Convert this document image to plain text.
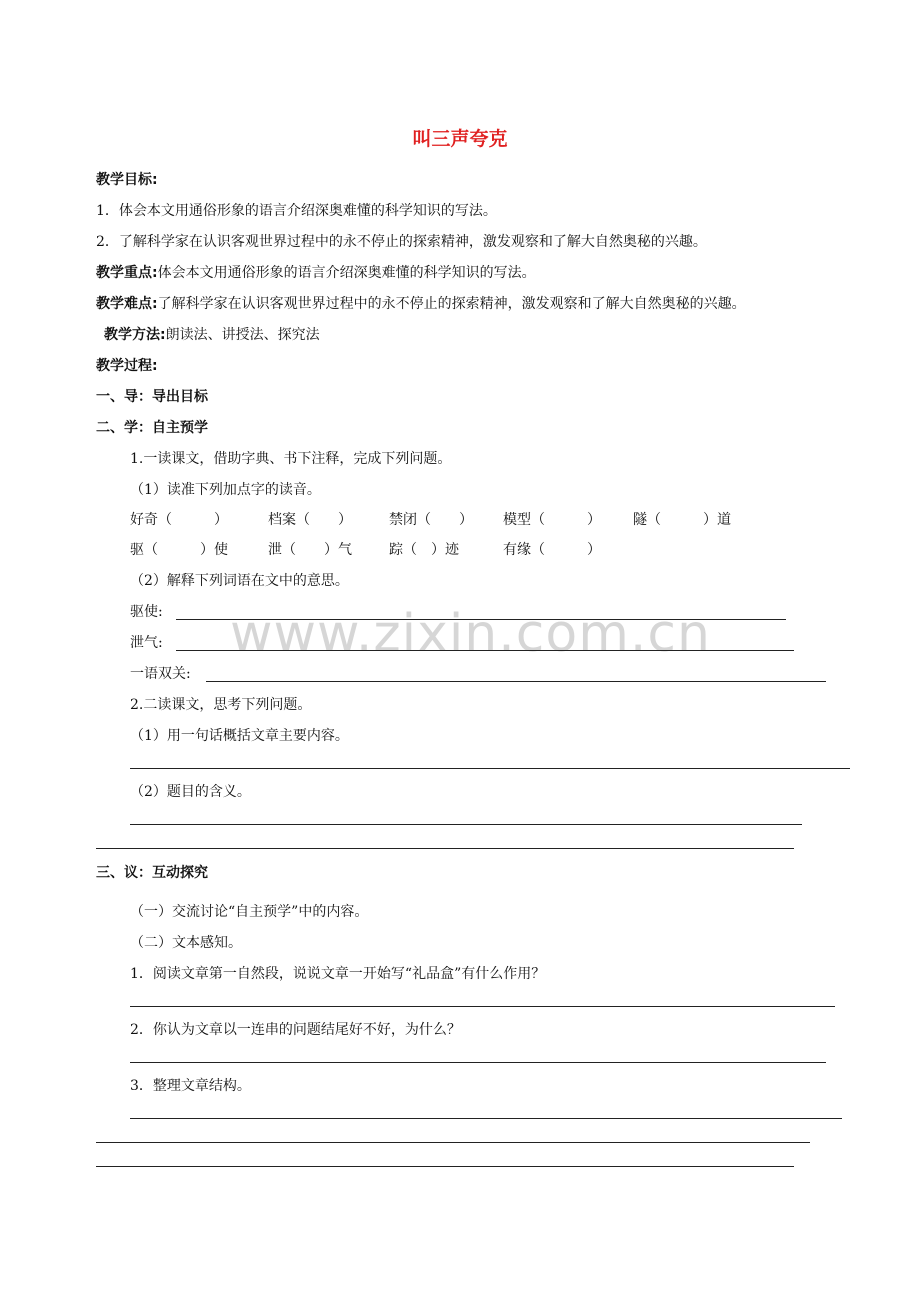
www.zixin.com.cn
叫三声夸克
教学目标:
1．体会本文用通俗形象的语言介绍深奥难懂的科学知识的写法。
2．了解科学家在认识客观世界过程中的永不停止的探索精神，激发观察和了解大自然奥秘的兴趣。
教学重点:体会本文用通俗形象的语言介绍深奥难懂的科学知识的写法。
教学难点:了解科学家在认识客观世界过程中的永不停止的探索精神，激发观察和了解大自然奥秘的兴趣。
教学方法:朗读法、讲授法、探究法
教学过程:
一、导：导出目标
二、学：自主预学
1.一读课文，借助字典、书下注释，完成下列问题。
（1）读准下列加点字的读音。
好奇（　　　）	档案（　　）	禁闭（　　） 模型（　　　） 隧（　　　）道
驱（　　　）使	泄（　　）气	踪（　）迹	有缘（　　　）
（2）解释下列词语在文中的意思。
驱使:
泄气:
一语双关:
2.二读课文，思考下列问题。
（1）用一句话概括文章主要内容。
（2）题目的含义。
三、议：互动探究
（一）交流讨论“自主预学”中的内容。
（二）文本感知。
1．阅读文章第一自然段，说说文章一开始写“礼品盒”有什么作用？
2．你认为文章以一连串的问题结尾好不好，为什么？
3．整理文章结构。
